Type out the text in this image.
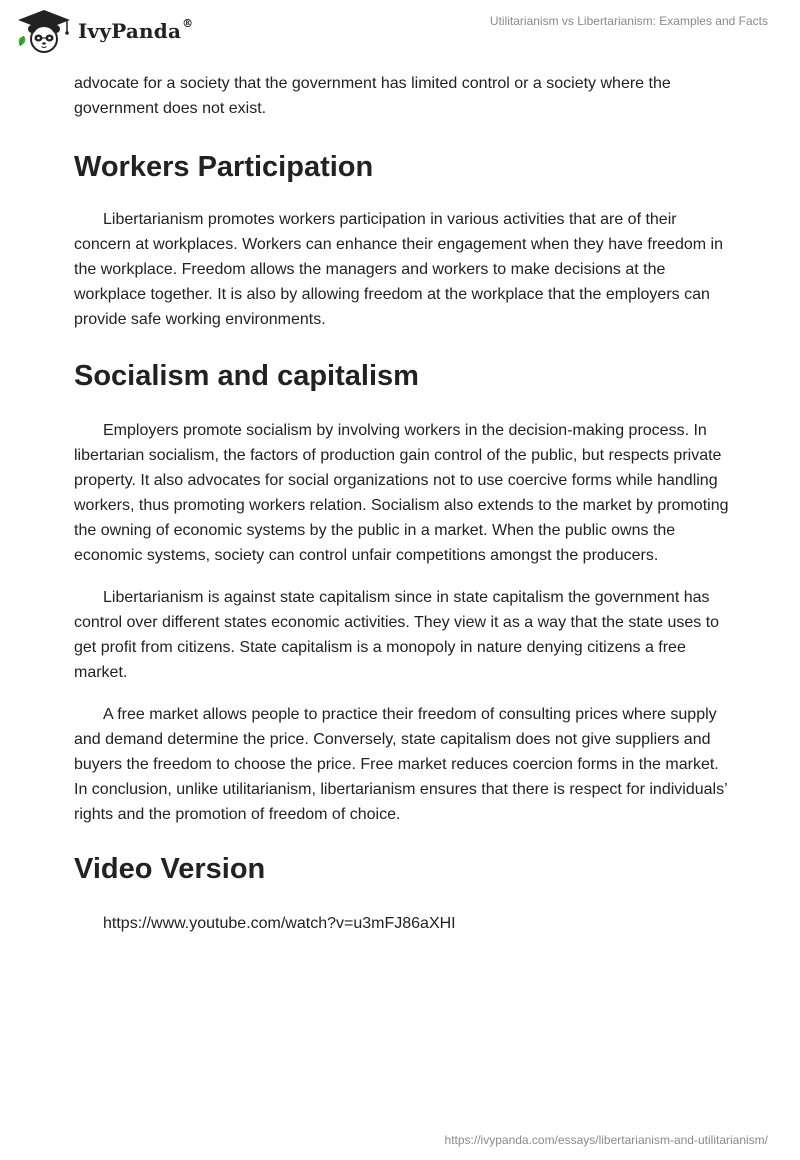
IvyPanda®	Utilitarianism vs Libertarianism: Examples and Facts

advocate for a society that the government has limited control or a society where the government does not exist.

Workers Participation

Libertarianism promotes workers participation in various activities that are of their concern at workplaces. Workers can enhance their engagement when they have freedom in the workplace. Freedom allows the managers and workers to make decisions at the workplace together. It is also by allowing freedom at the workplace that the employers can provide safe working environments.

Socialism and capitalism

Employers promote socialism by involving workers in the decision-making process. In libertarian socialism, the factors of production gain control of the public, but respects private property. It also advocates for social organizations not to use coercive forms while handling workers, thus promoting workers relation. Socialism also extends to the market by promoting the owning of economic systems by the public in a market. When the public owns the economic systems, society can control unfair competitions amongst the producers.

Libertarianism is against state capitalism since in state capitalism the government has control over different states economic activities. They view it as a way that the state uses to get profit from citizens. State capitalism is a monopoly in nature denying citizens a free market.

A free market allows people to practice their freedom of consulting prices where supply and demand determine the price. Conversely, state capitalism does not give suppliers and buyers the freedom to choose the price. Free market reduces coercion forms in the market. In conclusion, unlike utilitarianism, libertarianism ensures that there is respect for individuals’ rights and the promotion of freedom of choice.

Video Version

https://www.youtube.com/watch?v=u3mFJ86aXHI

https://ivypanda.com/essays/libertarianism-and-utilitarianism/
